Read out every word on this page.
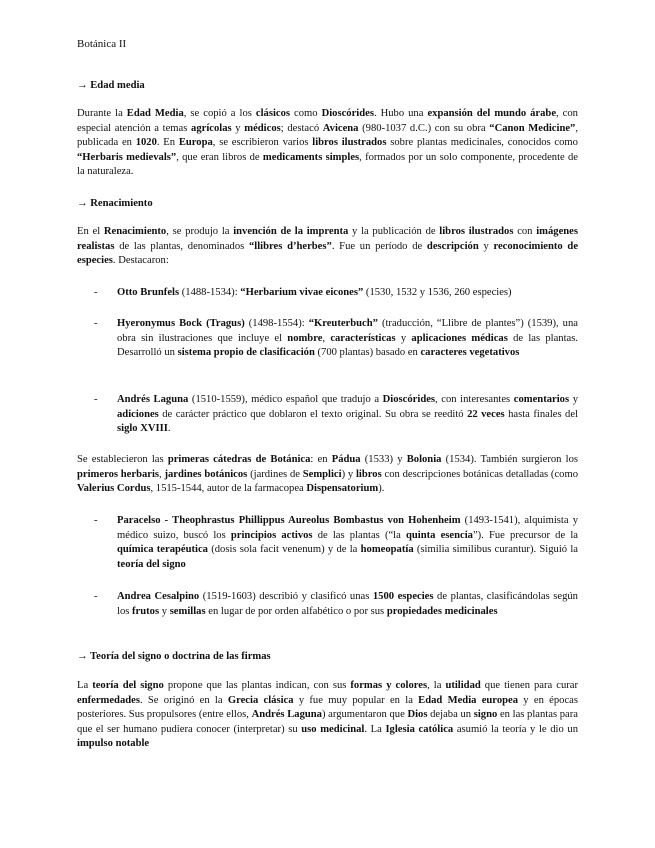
Botánica II
→ Edad media
Durante la Edad Media, se copió a los clásicos como Dioscórides. Hubo una expansión del mundo árabe, con especial atención a temas agrícolas y médicos; destacó Avicena (980-1037 d.C.) con su obra “Canon Medicine”, publicada en 1020. En Europa, se escribieron varios libros ilustrados sobre plantas medicinales, conocidos como “Herbaris medievals”, que eran libros de medicaments simples, formados por un solo componente, procedente de la naturaleza.
→ Renacimiento
En el Renacimiento, se produjo la invención de la imprenta y la publicación de libros ilustrados con imágenes realistas de las plantas, denominados “llibres d’herbes”. Fue un período de descripción y reconocimiento de especies. Destacaron:
- Otto Brunfels (1488-1534): “Herbarium vivae eicones” (1530, 1532 y 1536, 260 especies)
- Hyeronymus Bock (Tragus) (1498-1554): “Kreuterbuch” (traducción, “Llibre de plantes”) (1539), una obra sin ilustraciones que incluye el nombre, características y aplicaciones médicas de las plantas. Desarrolló un sistema propio de clasificación (700 plantas) basado en caracteres vegetativos
- Andrés Laguna (1510-1559), médico español que tradujo a Dioscórides, con interesantes comentarios y adiciones de carácter práctico que doblaron el texto original. Su obra se reeditó 22 veces hasta finales del siglo XVIII.
Se establecieron las primeras cátedras de Botánica: en Pádua (1533) y Bolonia (1534). También surgieron los primeros herbaris, jardines botánicos (jardines de Semplici) y libros con descripciones botánicas detalladas (como Valerius Cordus, 1515-1544, autor de la farmacopea Dispensatorium).
- Paracelso - Theophrastus Phillippus Aureolus Bombastus von Hohenheim (1493-1541), alquimista y médico suizo, buscó los principios activos de las plantas (“la quinta esencia”). Fue precursor de la química terapéutica (dosis sola facit venenum) y de la homeopatía (similia similibus curantur). Siguió la teoría del signo
- Andrea Cesalpino (1519-1603) describió y clasificó unas 1500 especies de plantas, clasificándolas según los frutos y semillas en lugar de por orden alfabético o por sus propiedades medicinales
→ Teoría del signo o doctrina de las firmas
La teoría del signo propone que las plantas indican, con sus formas y colores, la utilidad que tienen para curar enfermedades. Se originó en la Grecia clásica y fue muy popular en la Edad Media europea y en épocas posteriores. Sus propulsores (entre ellos, Andrés Laguna) argumentaron que Dios dejaba un signo en las plantas para que el ser humano pudiera conocer (interpretar) su uso medicinal. La Iglesia católica asumió la teoría y le dio un impulso notable
